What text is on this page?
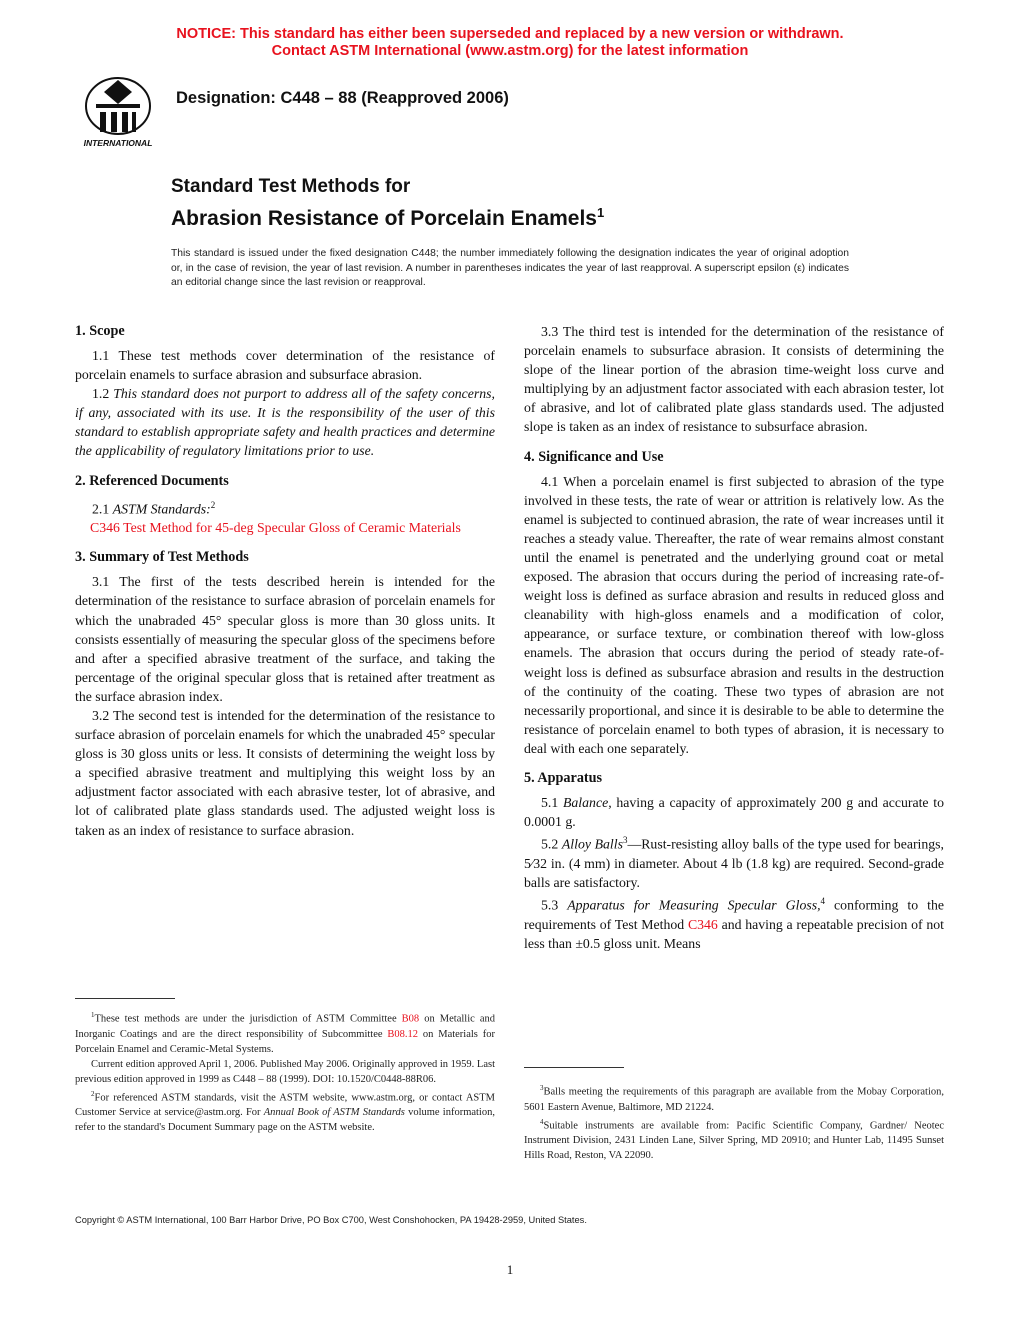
NOTICE: This standard has either been superseded and replaced by a new version or withdrawn.
Contact ASTM International (www.astm.org) for the latest information
INTERNATIONAL
Designation: C448 – 88 (Reapproved 2006)
Standard Test Methods for
Abrasion Resistance of Porcelain Enamels$^1$
This standard is issued under the fixed designation C448; the number immediately following the designation indicates the year of original adoption or, in the case of revision, the year of last revision. A number in parentheses indicates the year of last reapproval. A superscript epsilon (ε) indicates an editorial change since the last revision or reapproval.
1. Scope

1.1 These test methods cover determination of the resistance of porcelain enamels to surface abrasion and subsurface abrasion.

1.2 This standard does not purport to address all of the safety concerns, if any, associated with its use. It is the responsibility of the user of this standard to establish appropriate safety and health practices and determine the applicability of regulatory limitations prior to use.

2. Referenced Documents

2.1 ASTM Standards:$^2$

C346 Test Method for 45-deg Specular Gloss of Ceramic Materials

3. Summary of Test Methods

3.1 The first of the tests described herein is intended for the determination of the resistance to surface abrasion of porcelain enamels for which the unabraded 45° specular gloss is more than 30 gloss units. It consists essentially of measuring the specular gloss of the specimens before and after a specified abrasive treatment of the surface, and taking the percentage of the original specular gloss that is retained after treatment as the surface abrasion index.

3.2 The second test is intended for the determination of the resistance to surface abrasion of porcelain enamels for which the unabraded 45° specular gloss is 30 gloss units or less. It consists of determining the weight loss by a specified abrasive treatment and multiplying this weight loss by an adjustment factor associated with each abrasive tester, lot of abrasive, and lot of calibrated plate glass standards used. The adjusted weight loss is taken as an index of resistance to surface abrasion.

3.3 The third test is intended for the determination of the resistance of porcelain enamels to subsurface abrasion. It consists of determining the slope of the linear portion of the abrasion time-weight loss curve and multiplying by an adjustment factor associated with each abrasion tester, lot of abrasive, and lot of calibrated plate glass standards used. The adjusted slope is taken as an index of resistance to subsurface abrasion.

4. Significance and Use

4.1 When a porcelain enamel is first subjected to abrasion of the type involved in these tests, the rate of wear or attrition is relatively low. As the enamel is subjected to continued abrasion, the rate of wear increases until it reaches a steady value. Thereafter, the rate of wear remains almost constant until the enamel is penetrated and the underlying ground coat or metal exposed. The abrasion that occurs during the period of increasing rate-of-weight loss is defined as surface abrasion and results in reduced gloss and cleanability with high-gloss enamels and a modification of color, appearance, or surface texture, or combination thereof with low-gloss enamels. The abrasion that occurs during the period of steady rate-of-weight loss is defined as subsurface abrasion and results in the destruction of the continuity of the coating. These two types of abrasion are not necessarily proportional, and since it is desirable to be able to determine the resistance of porcelain enamel to both types of abrasion, it is necessary to deal with each one separately.

5. Apparatus

5.1 Balance, having a capacity of approximately 200 g and accurate to 0.0001 g.

5.2 Alloy Balls$^3$—Rust-resisting alloy balls of the type used for bearings, 5⁄32 in. (4 mm) in diameter. About 4 lb (1.8 kg) are required. Second-grade balls are satisfactory.

5.3 Apparatus for Measuring Specular Gloss,$^4$ conforming to the requirements of Test Method C346 and having a repeatable precision of not less than ±0.5 gloss unit. Means

$^1$These test methods are under the jurisdiction of ASTM Committee B08 on Metallic and Inorganic Coatings and are the direct responsibility of Subcommittee B08.12 on Materials for Porcelain Enamel and Ceramic-Metal Systems.

Current edition approved April 1, 2006. Published May 2006. Originally approved in 1959. Last previous edition approved in 1999 as C448 – 88 (1999). DOI: 10.1520/C0448-88R06.

$^2$For referenced ASTM standards, visit the ASTM website, www.astm.org, or contact ASTM Customer Service at service@astm.org. For Annual Book of ASTM Standards volume information, refer to the standard's Document Summary page on the ASTM website.

$^3$Balls meeting the requirements of this paragraph are available from the Mobay Corporation, 5601 Eastern Avenue, Baltimore, MD 21224.

$^4$Suitable instruments are available from: Pacific Scientific Company, Gardner/ Neotec Instrument Division, 2431 Linden Lane, Silver Spring, MD 20910; and Hunter Lab, 11495 Sunset Hills Road, Reston, VA 22090.

Copyright © ASTM International, 100 Barr Harbor Drive, PO Box C700, West Conshohocken, PA 19428-2959, United States.
1
